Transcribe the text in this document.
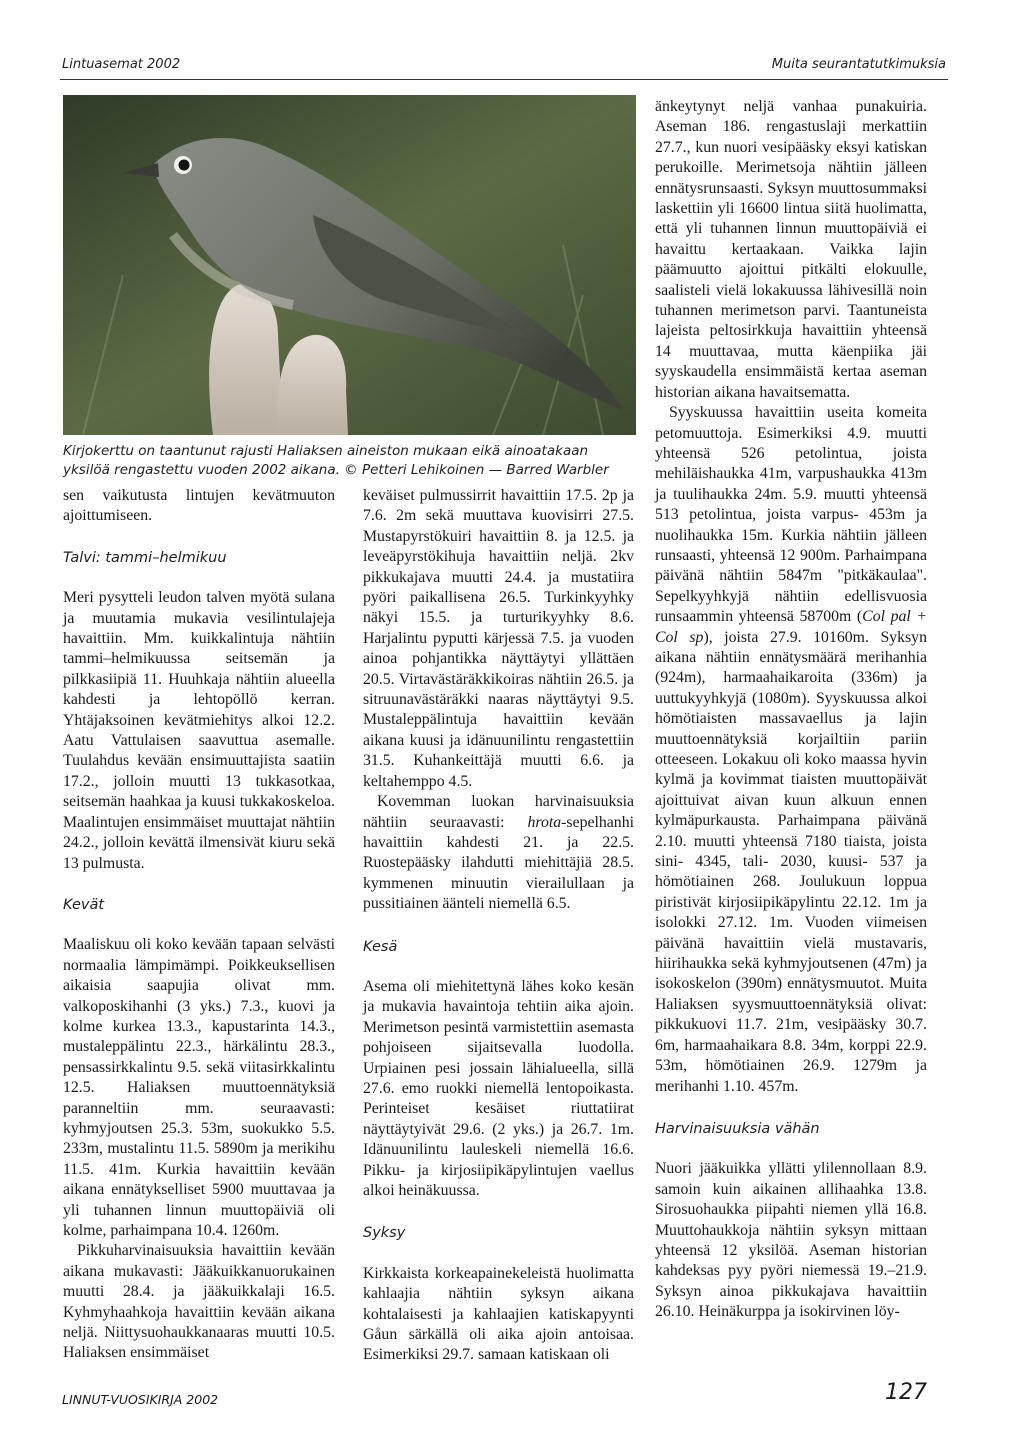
Lintuasemat 2002	Muita seurantatutkimuksia

Kirjokerttu on taantunut rajusti Haliaksen aineiston mukaan eikä ainoatakaan yksilöä rengastettu vuoden 2002 aikana. © Petteri Lehikoinen — Barred Warbler

sen vaikutusta lintujen kevätmuuton ajoittumiseen.

Talvi: tammi–helmikuu

Meri pysytteli leudon talven myötä sulana ja muutamia mukavia vesilintulajeja havaittiin. Mm. kuikkalintuja nähtiin tammi–helmikuussa seitsemän ja pilkkasiipiä 11. Huuhkaja nähtiin alueella kahdesti ja lehtopöllö kerran. Yhtäjaksoinen kevätmiehitys alkoi 12.2. Aatu Vattulaisen saavuttua asemalle. Tuulahdus kevään ensimuuttajista saatiin 17.2., jolloin muutti 13 tukkasotkaa, seitsemän haahkaa ja kuusi tukkakoskeloa. Maalintujen ensimmäiset muuttajat nähtiin 24.2., jolloin kevättä ilmensivät kiuru sekä 13 pulmusta.

Kevät

Maaliskuu oli koko kevään tapaan selvästi normaalia lämpimämpi. Poikkeuksellisen aikaisia saapujia olivat mm. valkoposkihanhi (3 yks.) 7.3., kuovi ja kolme kurkea 13.3., kapustarinta 14.3., mustaleppälintu 22.3., härkälintu 28.3., pensassirkkalintu 9.5. sekä viitasirkkalintu 12.5. Haliaksen muuttoennätyksiä paranneltiin mm. seuraavasti: kyhmyjoutsen 25.3. 53m, suokukko 5.5. 233m, mustalintu 11.5. 5890m ja merikihu 11.5. 41m. Kurkia havaittiin kevään aikana ennätykselliset 5900 muuttavaa ja yli tuhannen linnun muuttopäiviä oli kolme, parhaimpana 10.4. 1260m.

Pikkuharvinaisuuksia havaittiin kevään aikana mukavasti: Jääkuikkanuorukainen muutti 28.4. ja jääkuikkalaji 16.5. Kyhmyhaahkoja havaittiin kevään aikana neljä. Niittysuohaukkanaaras muutti 10.5. Haliaksen ensimmäiset

keväiset pulmussirrit havaittiin 17.5. 2p ja 7.6. 2m sekä muuttava kuovisirri 27.5. Mustapyrstökuiri havaittiin 8. ja 12.5. ja leveäpyrstökihuja havaittiin neljä. 2kv pikkukajava muutti 24.4. ja mustatiira pyöri paikallisena 26.5. Turkinkyyhky näkyi 15.5. ja turturikyyhky 8.6. Harjalintu pyputti kärjessä 7.5. ja vuoden ainoa pohjantikka näyttäytyi yllättäen 20.5. Virtavästäräkkikoiras nähtiin 26.5. ja sitruunavästäräkki naaras näyttäytyi 9.5. Mustaleppälintuja havaittiin kevään aikana kuusi ja idänuunilintu rengastettiin 31.5. Kuhankeittäjä muutti 6.6. ja keltahemppo 4.5.

Kovemman luokan harvinaisuuksia nähtiin seuraavasti: hrota-sepelhanhi havaittiin kahdesti 21. ja 22.5. Ruostepääsky ilahdutti miehittäjiä 28.5. kymmenen minuutin vierailullaan ja pussitiainen äänteli niemellä 6.5.

Kesä

Asema oli miehitettynä lähes koko kesän ja mukavia havaintoja tehtiin aika ajoin. Merimetson pesintä varmistettiin asemasta pohjoiseen sijaitsevalla luodolla. Urpiainen pesi jossain lähialueella, sillä 27.6. emo ruokki niemellä lentopoikasta. Perinteiset kesäiset riuttatiirat näyttäytyivät 29.6. (2 yks.) ja 26.7. 1m. Idänuunilintu lauleskeli niemellä 16.6. Pikku- ja kirjosiipikäpylintujen vaellus alkoi heinäkuussa.

Syksy

Kirkkaista korkeapainekeleistä huolimatta kahlaajia nähtiin syksyn aikana kohtalaisesti ja kahlaajien katiskapyynti Gåun särkällä oli aika ajoin antoisaa. Esimerkiksi 29.7. samaan katiskaan oli

änkeytynyt neljä vanhaa punakuiria. Aseman 186. rengastuslaji merkattiin 27.7., kun nuori vesipääsky eksyi katiskan perukoille. Merimetsoja nähtiin jälleen ennätysrunsaasti. Syksyn muuttosummaksi laskettiin yli 16600 lintua siitä huolimatta, että yli tuhannen linnun muuttopäiviä ei havaittu kertaakaan. Vaikka lajin päämuutto ajoittui pitkälti elokuulle, saalisteli vielä lokakuussa lähivesillä noin tuhannen merimetson parvi. Taantuneista lajeista peltosirkkuja havaittiin yhteensä 14 muuttavaa, mutta käenpiika jäi syyskaudella ensimmäistä kertaa aseman historian aikana havaitsematta.

Syyskuussa havaittiin useita komeita petomuuttoja. Esimerkiksi 4.9. muutti yhteensä 526 petolintua, joista mehiläishaukka 41m, varpushaukka 413m ja tuulihaukka 24m. 5.9. muutti yhteensä 513 petolintua, joista varpus- 453m ja nuolihaukka 15m. Kurkia nähtiin jälleen runsaasti, yhteensä 12 900m. Parhaimpana päivänä nähtiin 5847m "pitkäkaulaa". Sepelkyyhkyjä nähtiin edellisvuosia runsaammin yhteensä 58700m (Col pal + Col sp), joista 27.9. 10160m. Syksyn aikana nähtiin ennätysmäärä merihanhia (924m), harmaahaikaroita (336m) ja uuttukyyhkyjä (1080m). Syyskuussa alkoi hömötiaisten massavaellus ja lajin muuttoennätyksiä korjailtiin pariin otteeseen. Lokakuu oli koko maassa hyvin kylmä ja kovimmat tiaisten muuttopäivät ajoittuivat aivan kuun alkuun ennen kylmäpurkausta. Parhaimpana päivänä 2.10. muutti yhteensä 7180 tiaista, joista sini- 4345, tali- 2030, kuusi- 537 ja hömötiainen 268. Joulukuun loppua piristivät kirjosiipikäpylintu 22.12. 1m ja isolokki 27.12. 1m. Vuoden viimeisen päivänä havaittiin vielä mustavaris, hiirihaukka sekä kyhmyjoutsenen (47m) ja isokoskelon (390m) ennätysmuutot. Muita Haliaksen syysmuuttoennätyksiä olivat: pikkukuovi 11.7. 21m, vesipääsky 30.7. 6m, harmaahaikara 8.8. 34m, korppi 22.9. 53m, hömötiainen 26.9. 1279m ja merihanhi 1.10. 457m.

Harvinaisuuksia vähän

Nuori jääkuikka yllätti ylilennollaan 8.9. samoin kuin aikainen allihaahka 13.8. Sirosuohaukka piipahti niemen yllä 16.8. Muuttohaukkoja nähtiin syksyn mittaan yhteensä 12 yksilöä. Aseman historian kahdeksas pyy pyöri niemessä 19.–21.9. Syksyn ainoa pikkukajava havaittiin 26.10. Heinäkurppa ja isokirvinen löy-

LINNUT-VUOSIKIRJA 2002	127
